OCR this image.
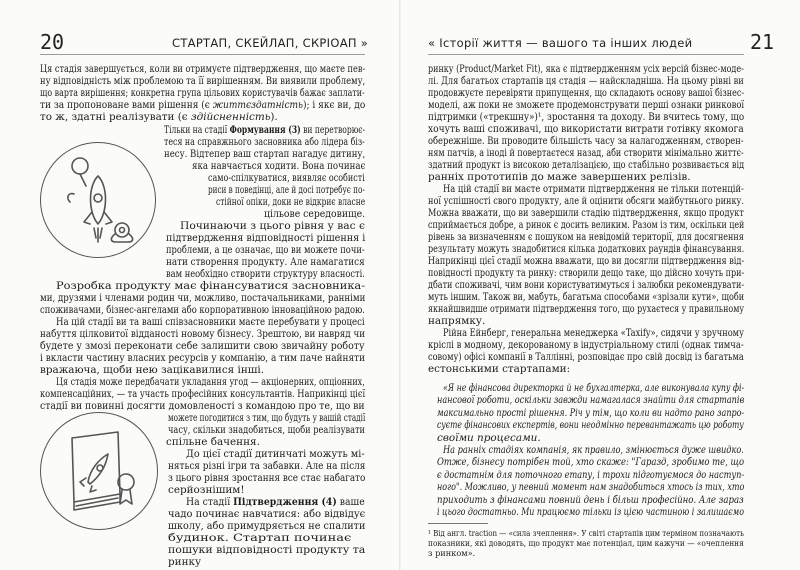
20	СТАРТАП, СКЕЙЛАП, СКРІОАП »
Ця стадія завершується, коли ви отримуєте підтвердження, що маєте пев-
ну відповідність між проблемою та її вирішенням. Ви виявили проблему,
що варта вирішення; конкретна група цільових користувачів бажає заплати-
ти за пропоноване вами рішення (є життєздатність); і якє ви, до
то ж, здатні реалізувати (є здійсненність).
Тільки на стадії Формування (3) ви перетворює-
теся на справжнього засновника або лідера біз-
несу. Відтепер ваш стартап нагадує дитину,
яка навчається ходити. Вона починає
само-спілкуватися, виявляє особисті
риси в поведінці, але й досі потребує по-
стійної опіки, доки не відкриє власне
цільове середовище.
Починаючи з цього рівня у вас є
підтвердження відповідності рішення і
проблеми, а це означає, що ви можете почи-
нати створення продукту. Але намагатися
вам необхідно створити структуру власності.
Розробка продукту має фінансуватися засновника-
ми, друзями і членами родин чи, можливо, постачальниками, ранніми
споживачами, бізнес-ангелами або корпоративною інноваційною радою.
На цій стадії ви та ваші співзасновники маєте перебувати у процесі
набуття цілковитої відданості новому бізнесу. Зрештою, ви навряд чи
будете у змозі переконати себе залишити свою звичайну роботу
і вкласти частину власних ресурсів у компанію, а тим паче найняти
вражаюча, щоби нею зацікавилися інші.
Ця стадія може передбачати укладання угод — акціонерних, опціонних,
компенсаційних, — та участь професійних консультантів. Наприкінці цієї
стадії ви повинні досягти домовленості з командою про те, що ви
можете погодитися з тим, що будуть у вашій стадії
часу, скільки знадобиться, щоби реалізувати
спільне бачення.
До цієї стадії дитинчаті можуть мі-
няться різні ігри та забавки. Але на після
з цього рівня зростання все стає набагато
серйознішим!
На стадії Підтвердження (4) ваше
чадо починає навчатися: або відвідує
школу, або примудряється не спалити
будинок. Стартап починає
пошуки відповідності продукту та
ринку
« Історії життя — вашого та інших людей	21
ринку (Product/Market Fit), яка є підтвердженням усіх версій бізнес-моде-
лі. Для багатьох стартапів ця стадія — найскладніша. На цьому рівні ви
продовжуєте перевіряти припущення, що складають основу вашої бізнес-
моделі, аж поки не зможете продемонструвати перші ознаки ринкової
підтримки («трекшну»)¹, зростання та доходу. Ви вчитесь тому, що
хочуть ваші споживачі, що використати витрати готівку якомога
обережніше. Ви проводите більшість часу за налагодженням, створен-
ням патчів, а іноді й повертаєтеся назад, аби створити мінімально життє-
здатний продукт із високою деталізацією, що стабільно розвивається від
ранніх прототипів до маже завершених релізів.
На цій стадії ви маєте отримати підтвердження не тільки потенцій-
ної успішності свого продукту, але й оцінити обсяги майбутнього ринку.
Можна вважати, що ви завершили стадію підтвердження, якщо продукт
сприймається добре, а ринок є досить великим. Разом із тим, оскільки цей
рівень за визначенням є пошуком на невідомій території, для досягнення
результату можуть знадобитися кілька додаткових раундів фінансування.
Наприкінці цієї стадії можна вважати, що ви досягли підтвердження від-
повідності продукту та ринку: створили дещо таке, що дійсно хочуть при-
дбати споживачі, чим вони користуватимуться і залюбки рекомендувати-
муть іншим. Також ви, мабуть, багатьма способами «зрізали кути», щоби
якнайшвидше отримати підтвердження того, що рухаєтеся у правильному
напрямку.
Рійна Ейнберг, генеральна менеджерка «Taxify», сидячи у зручному
кріслі в модному, декорованому в індустріальному стилі (однак тимча-
совому) офісі компанії в Таллінні, розповідає про свій досвід із багатьма
естонськими стартапами:
«Я не фінансова директорка й не бухгалтерка, але виконувала купу фі-
нансової роботи, оскільки завжди намагалася знайти для стартапів
максимально прості рішення. Річ у тім, що коли ви надто рано запро-
суєте фінансових експертів, вони неодмінно перевантажать цю роботу
своїми процесами.
На ранніх стадіях компанія, як правило, змінюється дуже швидко.
Отже, бізнесу потрібен той, хто скаже: "Гаразд, зробимо те, що
є достатнім для поточного етапу, і трохи підготуємося до наступ-
ного". Можливо, у певний момент нам знадобиться хтось із тих, хто
приходить з фінансами повний день і більш професійно. Але зараз
і цього достатньо. Ми працюємо тільки із цією частиною і залишаємо
¹ Від англ. traction — «сила зчеплення». У світі стартапів цим терміном позначають
показники, які доводять, що продукт має потенціал, цим кажучи — «очеплення
з ринком».
